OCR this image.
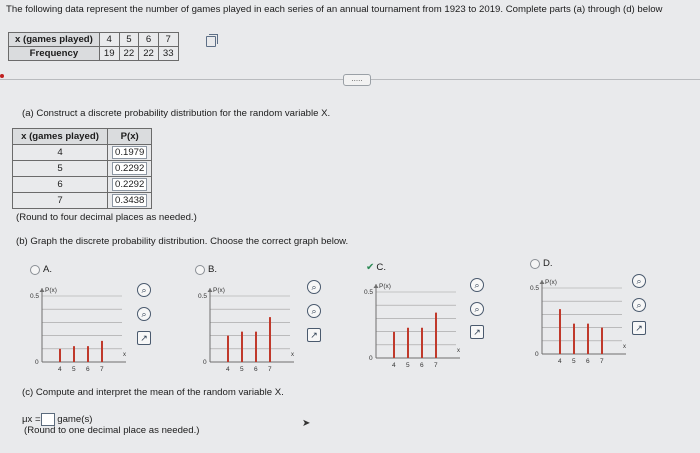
The following data represent the number of games played in each series of an annual tournament from 1923 to 2019. Complete parts (a) through (d) below
x (games played)	4	5	6	7
Frequency	19	22	22	33
.....
(a) Construct a discrete probability distribution for the random variable X.
x (games played)	P(x)
4	0.1979
5	0.2292
6	0.2292
7	0.3438
(Round to four decimal places as needed.)
(b) Graph the discrete probability distribution. Choose the correct graph below.
A.
P(x)
0.5
0
x
4 5 6 7
⌕
⌕
↗
B.
P(x)
0.5
0
x
4 5 6 7
⌕
⌕
↗
✔ C.
P(x)
0.5
0
x
4 5 6 7
⌕
⌕
↗
D.
P(x)
0.5
0
x
4 5 6 7
⌕
⌕
↗
(c) Compute and interpret the mean of the random variable X.
μx = game(s)
(Round to one decimal place as needed.)
➤
